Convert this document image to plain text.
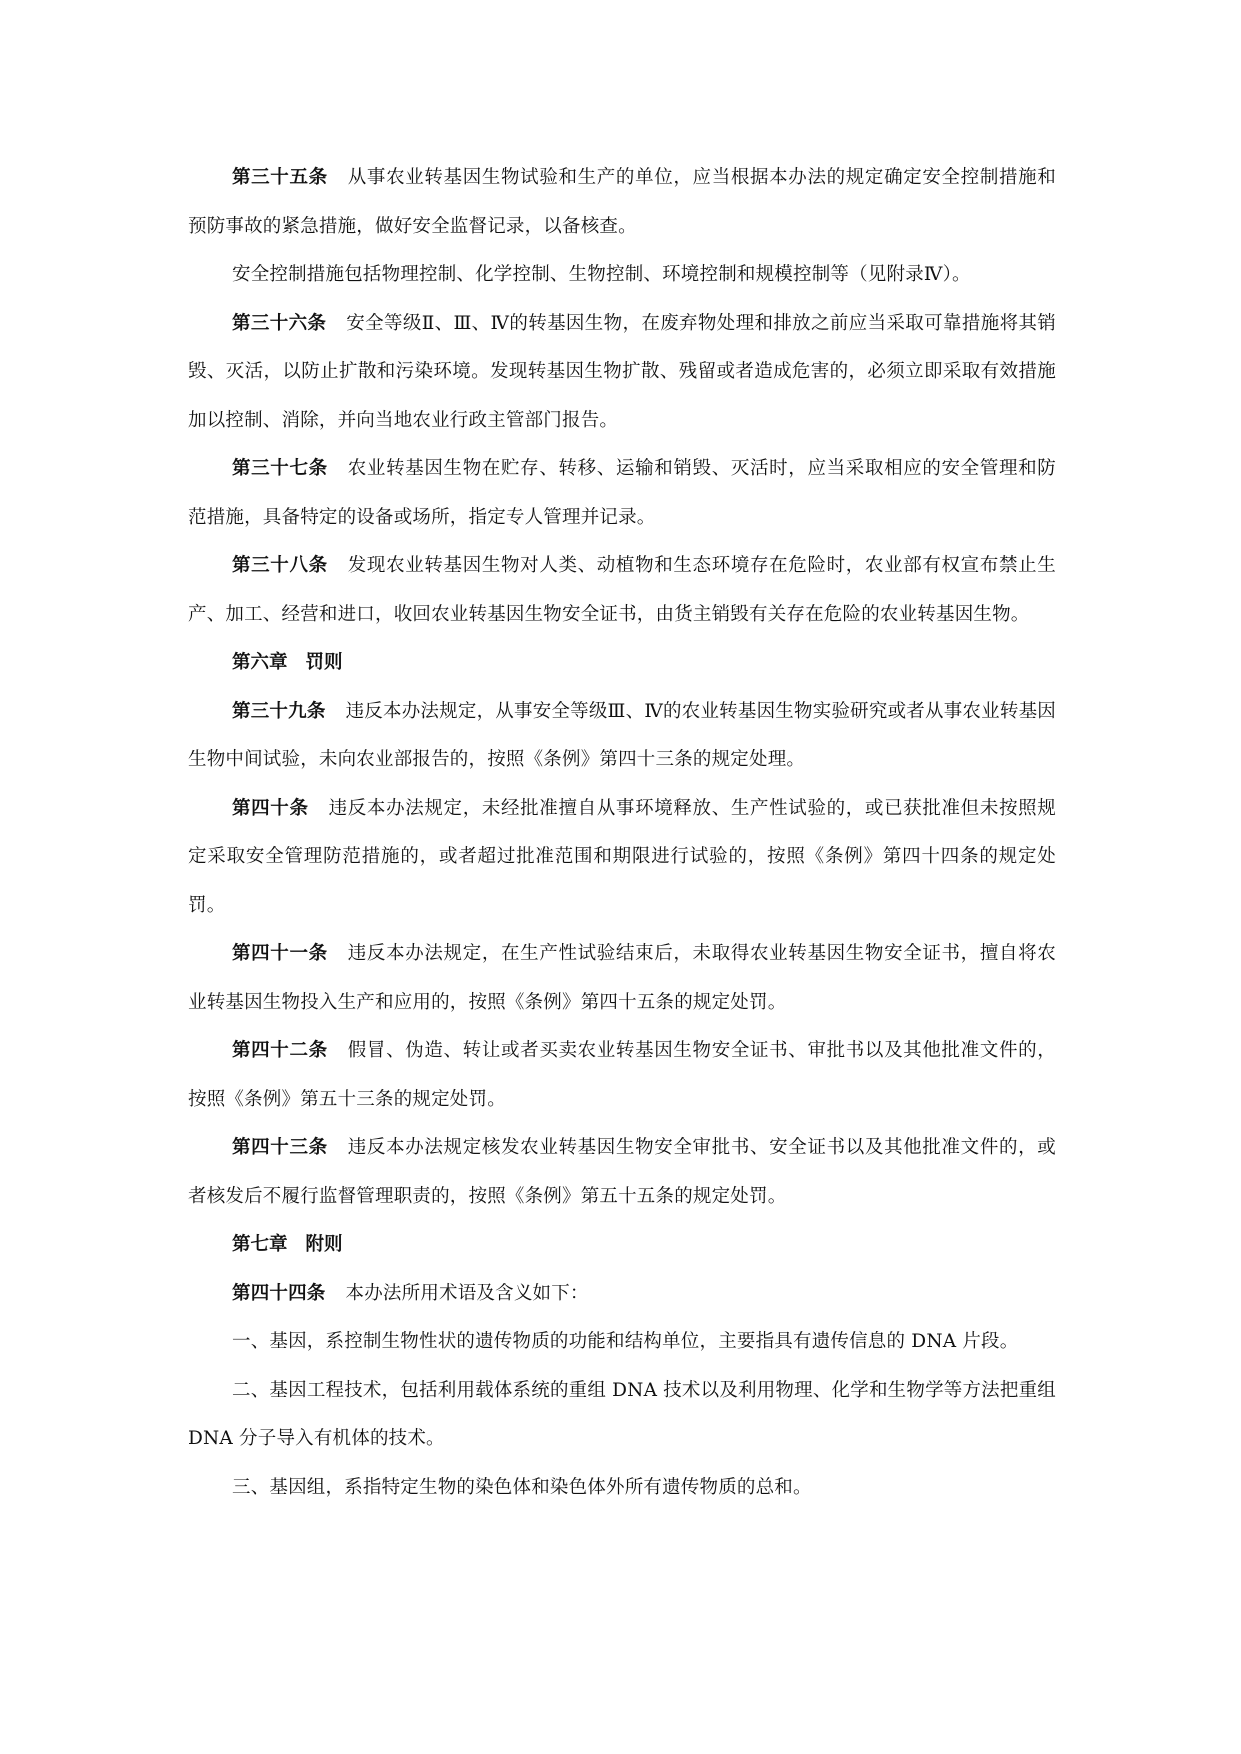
第三十五条 从事农业转基因生物试验和生产的单位，应当根据本办法的规定确定安全控制措施和预防事故的紧急措施，做好安全监督记录，以备核查。

安全控制措施包括物理控制、化学控制、生物控制、环境控制和规模控制等（见附录Ⅳ）。

第三十六条 安全等级Ⅱ、Ⅲ、Ⅳ的转基因生物，在废弃物处理和排放之前应当采取可靠措施将其销毁、灭活，以防止扩散和污染环境。发现转基因生物扩散、残留或者造成危害的，必须立即采取有效措施加以控制、消除，并向当地农业行政主管部门报告。

第三十七条 农业转基因生物在贮存、转移、运输和销毁、灭活时，应当采取相应的安全管理和防范措施，具备特定的设备或场所，指定专人管理并记录。

第三十八条 发现农业转基因生物对人类、动植物和生态环境存在危险时，农业部有权宣布禁止生产、加工、经营和进口，收回农业转基因生物安全证书，由货主销毁有关存在危险的农业转基因生物。

第六章 罚则

第三十九条 违反本办法规定，从事安全等级Ⅲ、Ⅳ的农业转基因生物实验研究或者从事农业转基因生物中间试验，未向农业部报告的，按照《条例》第四十三条的规定处理。

第四十条 违反本办法规定，未经批准擅自从事环境释放、生产性试验的，或已获批准但未按照规定采取安全管理防范措施的，或者超过批准范围和期限进行试验的，按照《条例》第四十四条的规定处罚。

第四十一条 违反本办法规定，在生产性试验结束后，未取得农业转基因生物安全证书，擅自将农业转基因生物投入生产和应用的，按照《条例》第四十五条的规定处罚。

第四十二条 假冒、伪造、转让或者买卖农业转基因生物安全证书、审批书以及其他批准文件的，按照《条例》第五十三条的规定处罚。

第四十三条 违反本办法规定核发农业转基因生物安全审批书、安全证书以及其他批准文件的，或者核发后不履行监督管理职责的，按照《条例》第五十五条的规定处罚。

第七章 附则

第四十四条 本办法所用术语及含义如下：

一、基因，系控制生物性状的遗传物质的功能和结构单位，主要指具有遗传信息的 DNA 片段。

二、基因工程技术，包括利用载体系统的重组 DNA 技术以及利用物理、化学和生物学等方法把重组 DNA 分子导入有机体的技术。

三、基因组，系指特定生物的染色体和染色体外所有遗传物质的总和。
